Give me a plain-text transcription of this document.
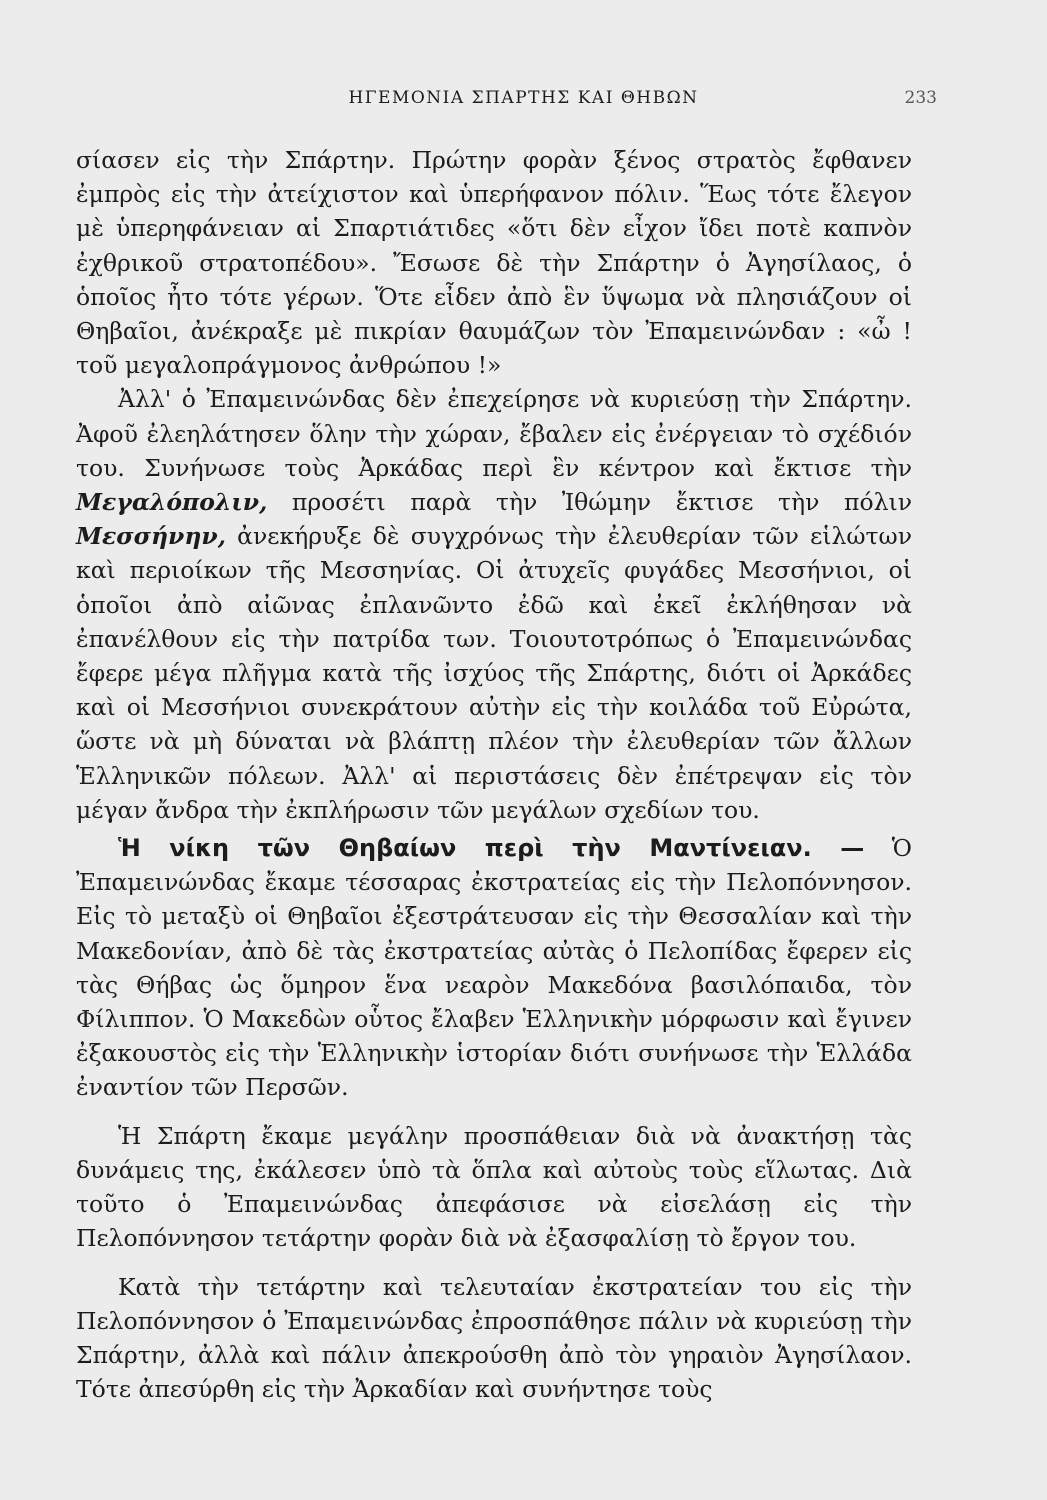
ΗΓΕΜΟΝΙΑ ΣΠΑΡΤΗΣ ΚΑΙ ΘΗΒΩΝ	233

σίασεν εἰς τὴν Σπάρτην. Πρώτην φορὰν ξένος στρατὸς ἔφθανεν ἐμπρὸς εἰς τὴν ἀτείχιστον καὶ ὑπερήφανον πόλιν. Ἕως τότε ἔλεγον μὲ ὑπερηφάνειαν αἱ Σπαρτιάτιδες «ὅτι δὲν εἶχον ἴδει ποτὲ καπνὸν ἐχθρικοῦ στρατοπέδου». Ἔσωσε δὲ τὴν Σπάρτην ὁ Ἀγησίλαος, ὁ ὁποῖος ἦτο τότε γέρων. Ὅτε εἶδεν ἀπὸ ἓν ὕψωμα νὰ πλησιάζουν οἱ Θηβαῖοι, ἀνέκραξε μὲ πικρίαν θαυμάζων τὸν Ἐπαμεινώνδαν : «ὦ ! τοῦ μεγαλοπράγμονος ἀνθρώπου !»

Ἀλλ' ὁ Ἐπαμεινώνδας δὲν ἐπεχείρησε νὰ κυριεύσῃ τὴν Σπάρτην. Ἀφοῦ ἐλεηλάτησεν ὅλην τὴν χώραν, ἔβαλεν εἰς ἐνέργειαν τὸ σχέδιόν του. Συνήνωσε τοὺς Ἀρκάδας περὶ ἓν κέντρον καὶ ἔκτισε τὴν Μεγαλόπολιν, προσέτι παρὰ τὴν Ἰθώμην ἔκτισε τὴν πόλιν Μεσσήνην, ἀνεκήρυξε δὲ συγχρόνως τὴν ἐλευθερίαν τῶν εἱλώτων καὶ περιοίκων τῆς Μεσσηνίας. Οἱ ἀτυχεῖς φυγάδες Μεσσήνιοι, οἱ ὁποῖοι ἀπὸ αἰῶνας ἐπλανῶντο ἐδῶ καὶ ἐκεῖ ἐκλήθησαν νὰ ἐπανέλθουν εἰς τὴν πατρίδα των. Τοιουτοτρόπως ὁ Ἐπαμεινώνδας ἔφερε μέγα πλῆγμα κατὰ τῆς ἰσχύος τῆς Σπάρτης, διότι οἱ Ἀρκάδες καὶ οἱ Μεσσήνιοι συνεκράτουν αὐτὴν εἰς τὴν κοιλάδα τοῦ Εὐρώτα, ὥστε νὰ μὴ δύναται νὰ βλάπτῃ πλέον τὴν ἐλευθερίαν τῶν ἄλλων Ἑλληνικῶν πόλεων. Ἀλλ' αἱ περιστάσεις δὲν ἐπέτρεψαν εἰς τὸν μέγαν ἄνδρα τὴν ἐκπλήρωσιν τῶν μεγάλων σχεδίων του.

Ἡ νίκη τῶν Θηβαίων περὶ τὴν Μαντίνειαν. — Ὁ Ἐπαμεινώνδας ἔκαμε τέσσαρας ἐκστρατείας εἰς τὴν Πελοπόννησον. Εἰς τὸ μεταξὺ οἱ Θηβαῖοι ἐξεστράτευσαν εἰς τὴν Θεσσαλίαν καὶ τὴν Μακεδονίαν, ἀπὸ δὲ τὰς ἐκστρατείας αὐτὰς ὁ Πελοπίδας ἔφερεν εἰς τὰς Θήβας ὡς ὅμηρον ἕνα νεαρὸν Μακεδόνα βασιλόπαιδα, τὸν Φίλιππον. Ὁ Μακεδὼν οὗτος ἔλαβεν Ἑλληνικὴν μόρφωσιν καὶ ἔγινεν ἐξακουστὸς εἰς τὴν Ἑλληνικὴν ἱστορίαν διότι συνήνωσε τὴν Ἑλλάδα ἐναντίον τῶν Περσῶν.

Ἡ Σπάρτη ἔκαμε μεγάλην προσπάθειαν διὰ νὰ ἀνακτήσῃ τὰς δυνάμεις της, ἐκάλεσεν ὑπὸ τὰ ὅπλα καὶ αὐτοὺς τοὺς εἵλωτας. Διὰ τοῦτο ὁ Ἐπαμεινώνδας ἀπεφάσισε νὰ εἰσελάσῃ εἰς τὴν Πελοπόννησον τετάρτην φορὰν διὰ νὰ ἐξασφαλίσῃ τὸ ἔργον του.

Κατὰ τὴν τετάρτην καὶ τελευταίαν ἐκστρατείαν του εἰς τὴν Πελοπόννησον ὁ Ἐπαμεινώνδας ἐπροσπάθησε πάλιν νὰ κυριεύσῃ τὴν Σπάρτην, ἀλλὰ καὶ πάλιν ἀπεκρούσθη ἀπὸ τὸν γηραιὸν Ἀγησίλαον. Τότε ἀπεσύρθη εἰς τὴν Ἀρκαδίαν καὶ συνήντησε τοὺς
